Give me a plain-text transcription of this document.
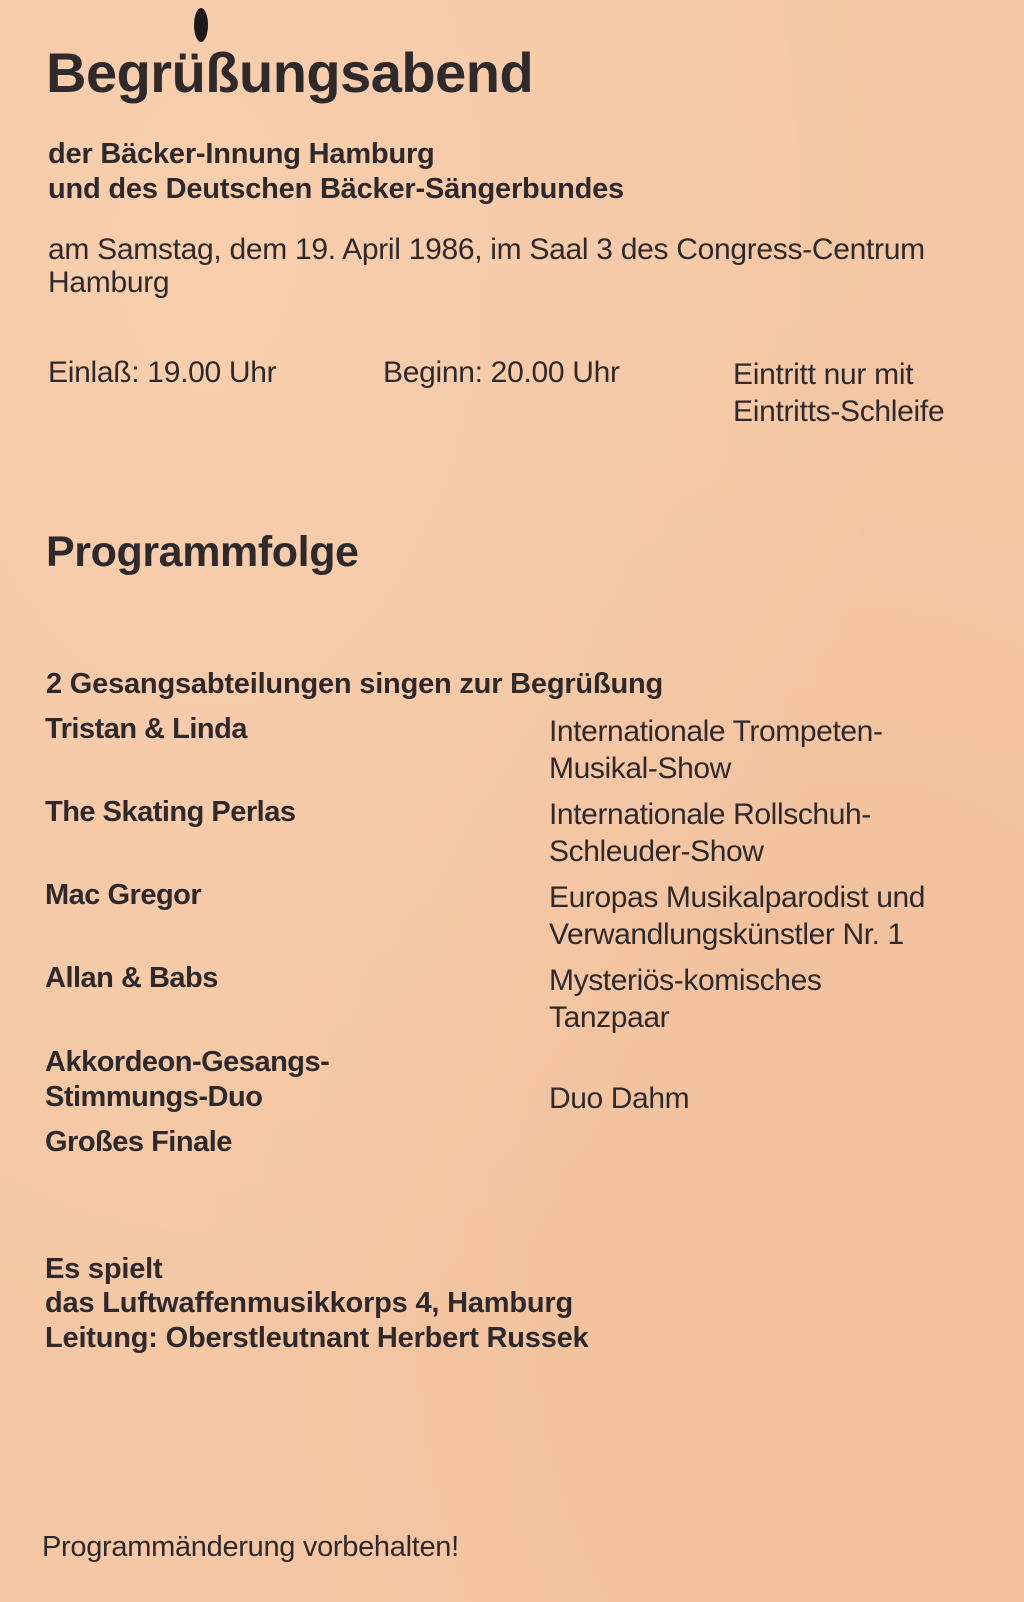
Begrüßungsabend
der Bäcker-Innung Hamburg
und des Deutschen Bäcker-Sängerbundes
am Samstag, dem 19. April 1986, im Saal 3 des Congress-Centrum
Hamburg
Einlaß: 19.00 Uhr	Beginn: 20.00 Uhr	Eintritt nur mit
Eintritts-Schleife
Programmfolge
2 Gesangsabteilungen singen zur Begrüßung
Tristan & Linda	Internationale Trompeten-
Musikal-Show
The Skating Perlas	Internationale Rollschuh-
Schleuder-Show
Mac Gregor	Europas Musikalparodist und
Verwandlungskünstler Nr. 1
Allan & Babs	Mysteriös-komisches
Tanzpaar
Akkordeon-Gesangs-
Stimmungs-Duo	Duo Dahm
Großes Finale
Es spielt
das Luftwaffenmusikkorps 4, Hamburg
Leitung: Oberstleutnant Herbert Russek
Programmänderung vorbehalten!
